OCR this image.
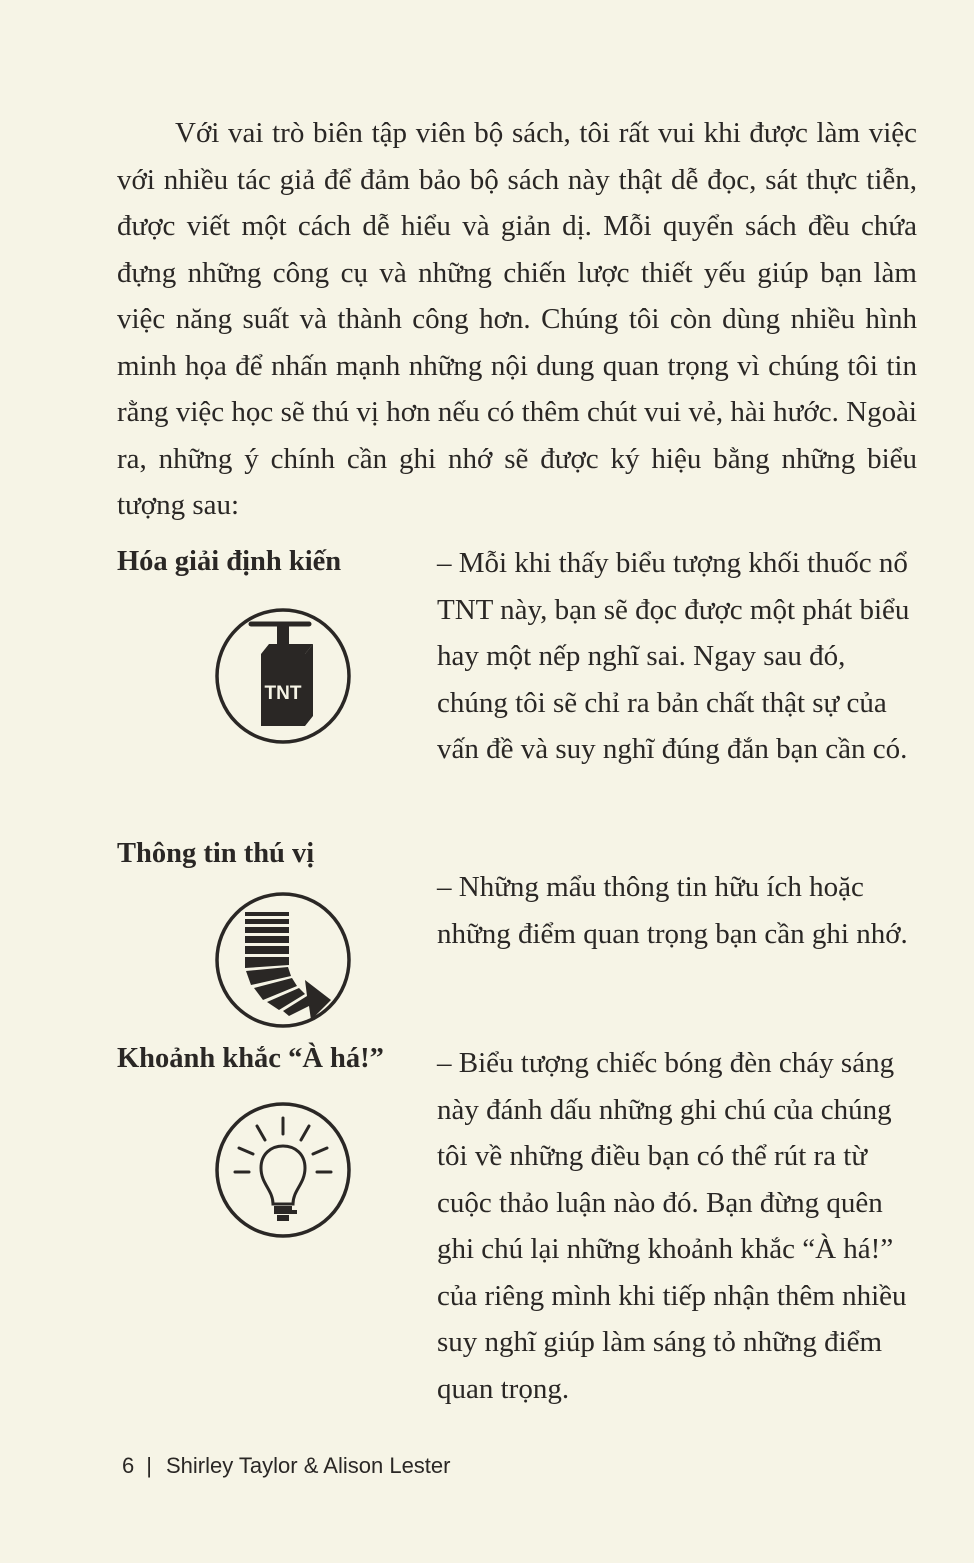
Với vai trò biên tập viên bộ sách, tôi rất vui khi được làm việc với nhiều tác giả để đảm bảo bộ sách này thật dễ đọc, sát thực tiễn, được viết một cách dễ hiểu và giản dị. Mỗi quyển sách đều chứa đựng những công cụ và những chiến lược thiết yếu giúp bạn làm việc năng suất và thành công hơn. Chúng tôi còn dùng nhiều hình minh họa để nhấn mạnh những nội dung quan trọng vì chúng tôi tin rằng việc học sẽ thú vị hơn nếu có thêm chút vui vẻ, hài hước. Ngoài ra, những ý chính cần ghi nhớ sẽ được ký hiệu bằng những biểu tượng sau:

Hóa giải định kiến
TNT

– Mỗi khi thấy biểu tượng khối thuốc nổ TNT này, bạn sẽ đọc được một phát biểu hay một nếp nghĩ sai. Ngay sau đó, chúng tôi sẽ chỉ ra bản chất thật sự của vấn đề và suy nghĩ đúng đắn bạn cần có.

Thông tin thú vị

– Những mẩu thông tin hữu ích hoặc những điểm quan trọng bạn cần ghi nhớ.

Khoảnh khắc “À há!” – Biểu tượng chiếc bóng đèn cháy sáng này đánh dấu những ghi chú của chúng tôi về những điều bạn có thể rút ra từ cuộc thảo luận nào đó. Bạn đừng quên ghi chú lại những khoảnh khắc “À há!” của riêng mình khi tiếp nhận thêm nhiều suy nghĩ giúp làm sáng tỏ những điểm quan trọng.

6 | Shirley Taylor & Alison Lester
